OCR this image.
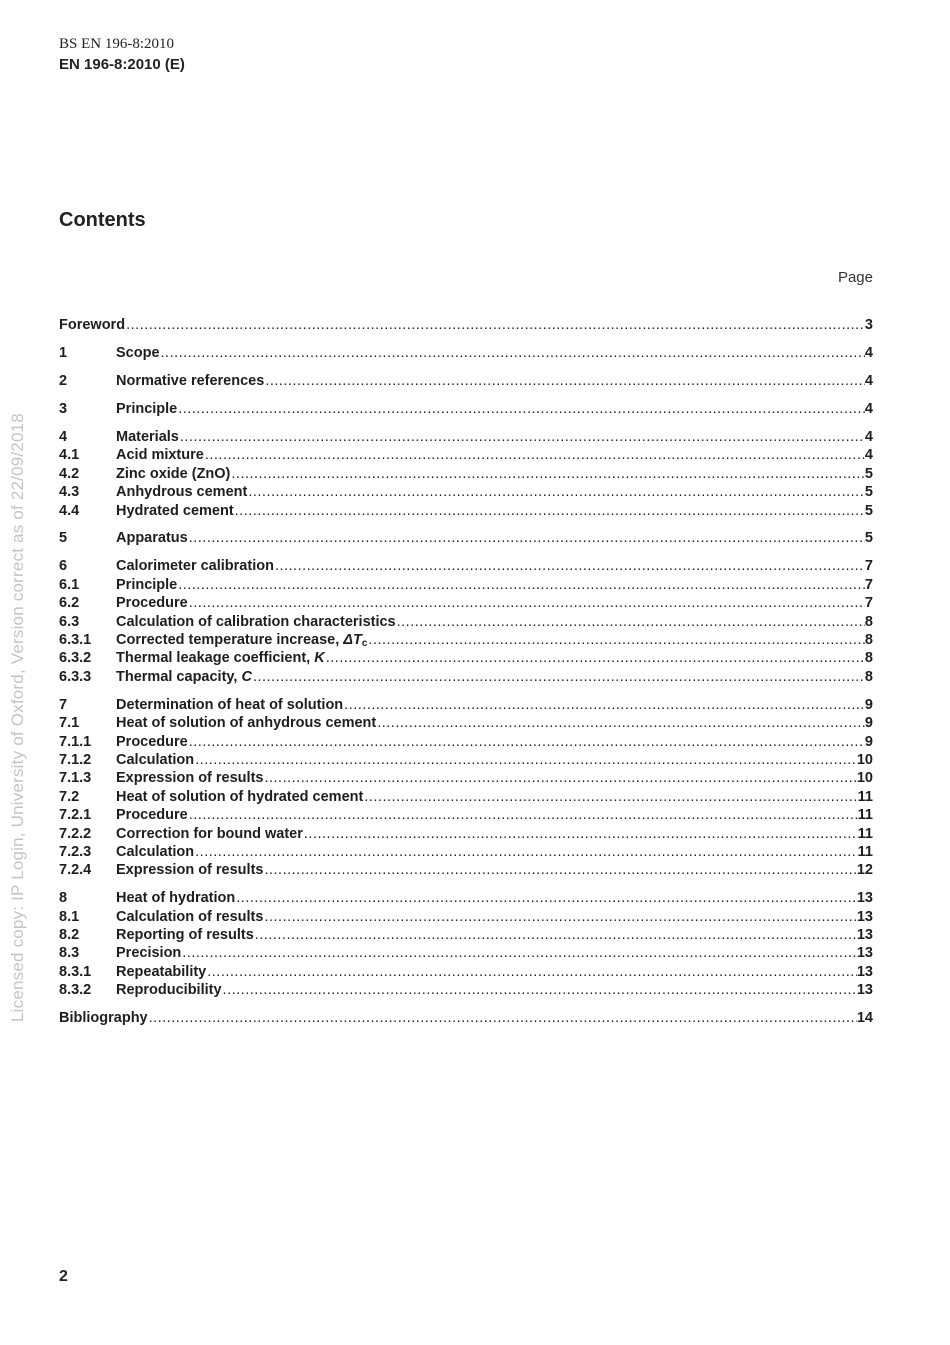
BS EN 196-8:2010
EN 196-8:2010 (E)
Contents
Page
Licensed copy: IP Login, University of Oxford, Version correct as of 22/09/2018
Foreword .....	3
1	Scope .....	4
2	Normative references .....	4
3	Principle .....	4
4	Materials .....	4
4.1	Acid mixture .....	4
4.2	Zinc oxide (ZnO) .....	5
4.3	Anhydrous cement .....	5
4.4	Hydrated cement .....	5
5	Apparatus .....	5
6	Calorimeter calibration .....	7
6.1	Principle .....	7
6.2	Procedure .....	7
6.3	Calculation of calibration characteristics .....	8
6.3.1	Corrected temperature increase, $\Delta T_c$ .....	8
6.3.2	Thermal leakage coefficient, K .....	8
6.3.3	Thermal capacity, C .....	8
7	Determination of heat of solution .....	9
7.1	Heat of solution of anhydrous cement .....	9
7.1.1	Procedure .....	9
7.1.2	Calculation .....	10
7.1.3	Expression of results .....	10
7.2	Heat of solution of hydrated cement .....	11
7.2.1	Procedure .....	11
7.2.2	Correction for bound water .....	11
7.2.3	Calculation .....	11
7.2.4	Expression of results .....	12
8	Heat of hydration .....	13
8.1	Calculation of results .....	13
8.2	Reporting of results .....	13
8.3	Precision .....	13
8.3.1	Repeatability .....	13
8.3.2	Reproducibility .....	13
Bibliography .....	14
2
